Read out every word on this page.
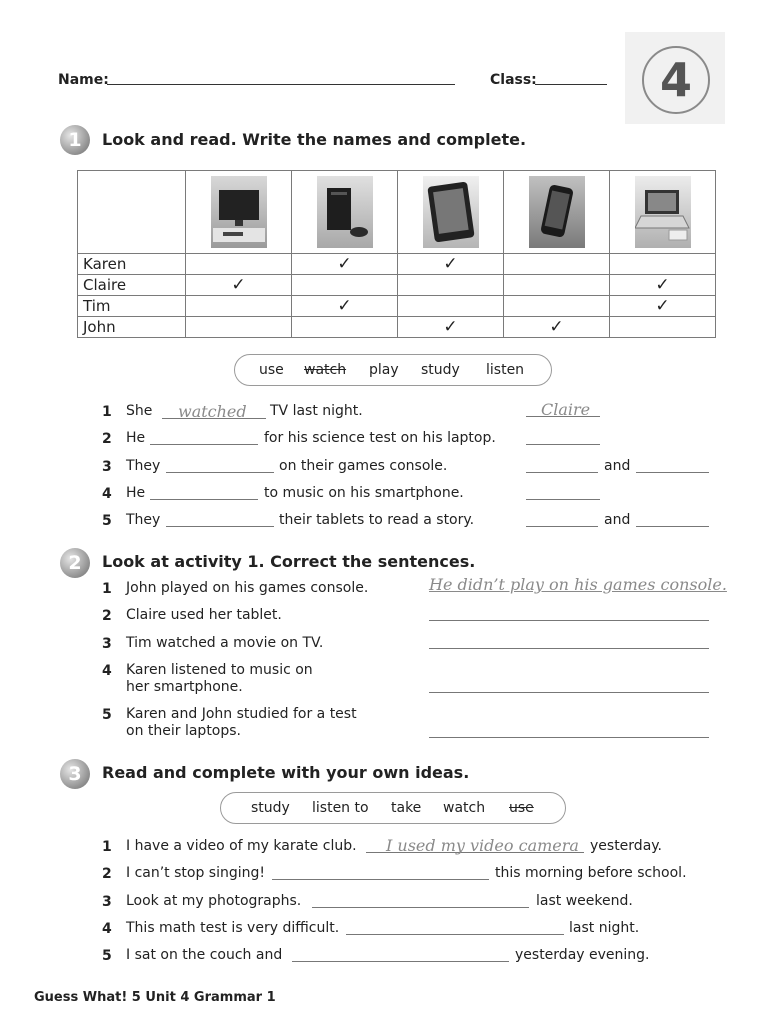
Name:	Class:	4
1	Look and read. Write the names and complete.

Karen		✓	✓		
Claire	✓				✓
Tim		✓			✓
John			✓	✓	
use watch play study listen
1 She watched TV last night.	Claire
2 He	for his science test on his laptop.
3 They	on their games console.	and
4 He	to music on his smartphone.
5 They	their tablets to read a story.	and
2	Look at activity 1. Correct the sentences.
1 John played on his games console.	He didn’t play on his games console.
2 Claire used her tablet.
3 Tim watched a movie on TV.
4 Karen listened to music on
her smartphone.
5 Karen and John studied for a test
on their laptops.
3	Read and complete with your own ideas.
study listen to take watch use
1 I have a video of my karate club. I used my video camera yesterday.
2 I can’t stop singing!	this morning before school.
3 Look at my photographs.	last weekend.
4 This math test is very difficult.	last night.
5 I sat on the couch and	yesterday evening.
Guess What! 5 Unit 4 Grammar 1
